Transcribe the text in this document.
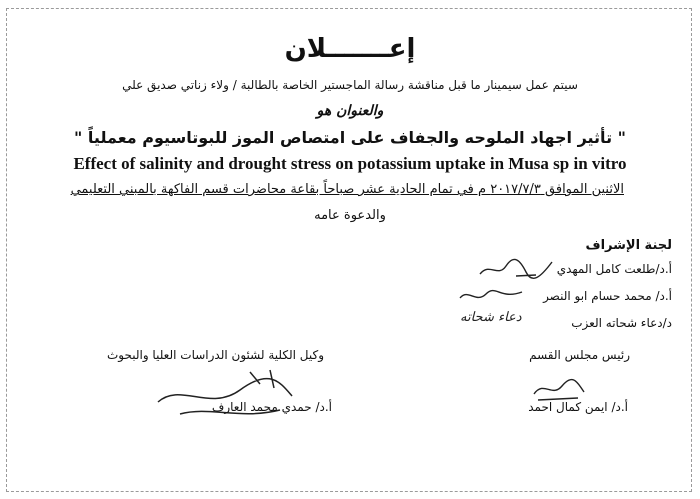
إعـــــــلان
سيتم عمل سيمينار ما قبل مناقشة رسالة الماجستير الخاصة بالطالبة / ولاء زناتي صديق علي
والعنوان هو
" تأثير اجهاد الملوحه والجفاف على امتصاص الموز للبوتاسيوم معملياً "
Effect of salinity and drought stress on potassium uptake in Musa sp in vitro
الاثنين الموافق ٢٠١٧/٧/٣ م في تمام الحادية عشر صباحاً بقاعة محاضرات قسم الفاكهة بالمبني التعليمي
والدعوة عامه
لجنة الإشراف
أ.د/طلعت كامل المهدي
أ.د/ محمد حسام ابو النصر
د/دعاء شحاته العزب
دعاء شحاته
وكيل الكلية لشئون الدراسات العليا والبحوث	رئيس مجلس القسم
أ.د/ حمدي محمد العارف	أ.د/ ايمن كمال احمد
